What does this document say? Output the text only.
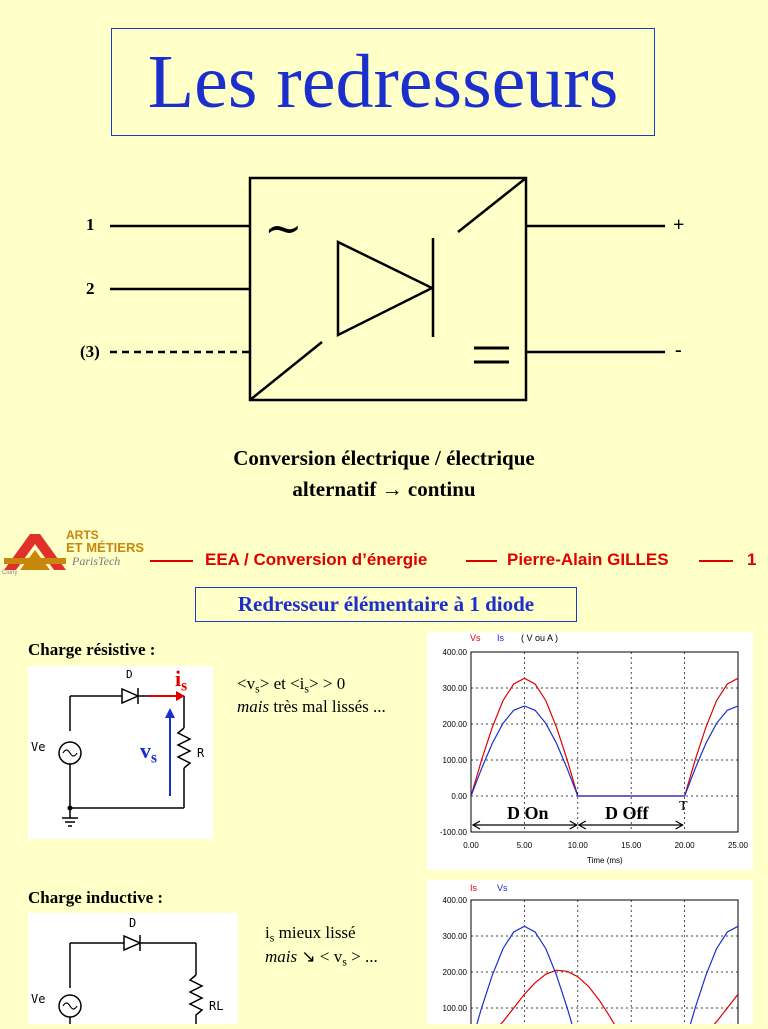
Les redresseurs
~
1
2
(3)
+
-
Conversion électrique / électrique
alternatif → continu
ARTS
ET MÉTIERS
ParisTech
Cluny
EEA / Conversion d’énergie	Pierre-Alain GILLES	1
Redresseur élémentaire à 1 diode
Charge résistive :
D
Ve	R
$i_s$
$v_s$
$<v_s>$ et $<i_s> > 0$
mais très mal lissés ...
0.00	5.00	10.00	15.00	20.00	25.00
400.00
300.00
200.00
100.00
0.00
-100.00
Vs Is ( V ou A )
Time (ms)
D On	D Off T
Charge inductive :
D
Ve	RL
$i_s$ mieux lissé
mais ↘ < $v_s$ > ...
400.00
300.00
200.00
100.00
Is Vs
